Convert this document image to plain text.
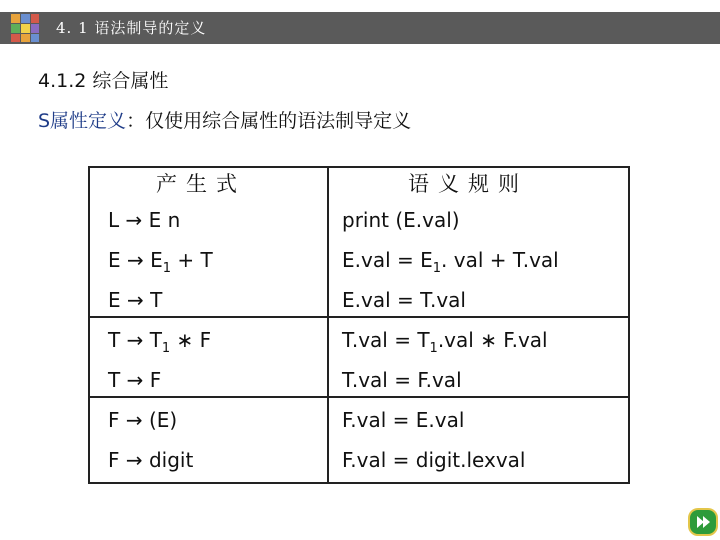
4. 1 语法制导的定义
4.1.2 综合属性
S属性定义：仅使用综合属性的语法制导定义
产生式	语义规则
L → E n	print (E.val)
$E \to E_1 + T$	$E.val = E_1$. val + T.val
E → T	E.val = T.val
$T \to T_1$ ∗ F	$T.val = T_1.val$ ∗ F.val
T → F	T.val = F.val
F → (E)	F.val = E.val
F → digit	F.val = digit.lexval
